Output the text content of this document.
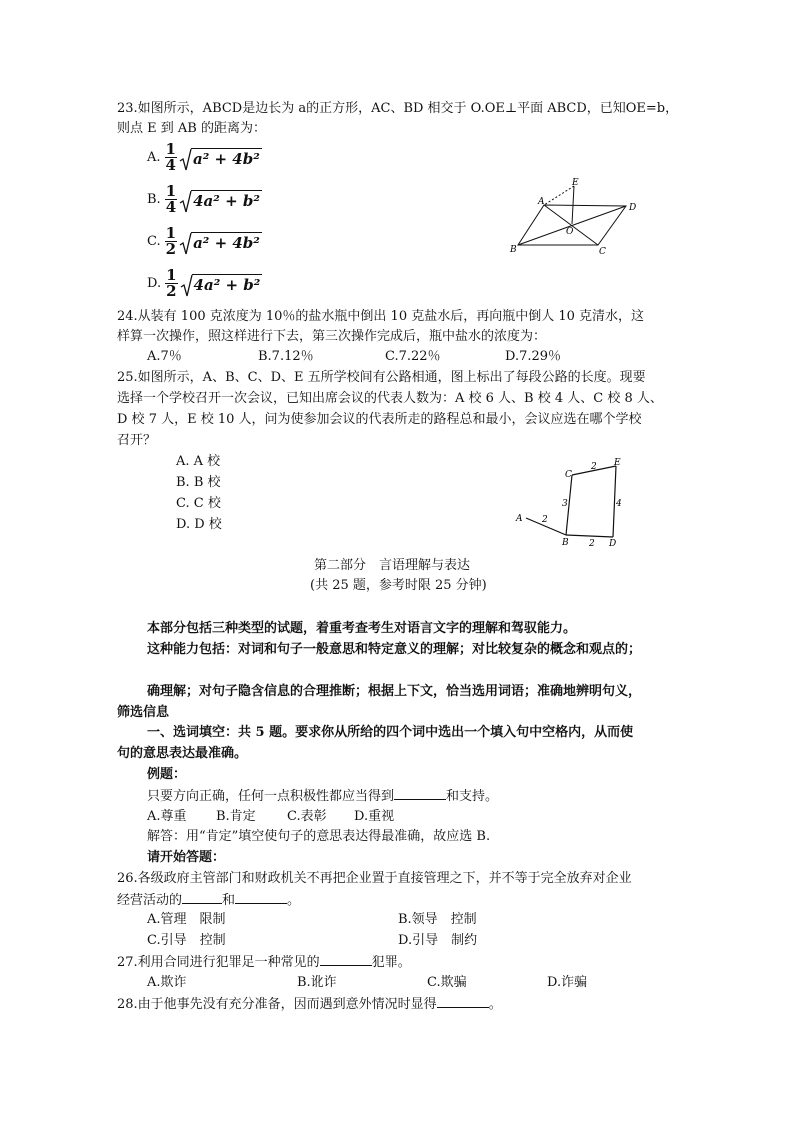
23.如图所示，ABCD是边长为 a的正方形，AC、BD 相交于 O.OE⊥平面 ABCD，已知OE=b，
则点 E 到 AB 的距离为：
A. $\frac{1}{4} a^2 + 4b^2$
B. $\frac{1}{4} 4a^2 + b^2$
C. $\frac{1}{2} a^2 + 4b^2$
D. $\frac{1}{2} 4a^2 + b^2$
A
B	C
D
E
O
24.从装有 100 克浓度为 10％的盐水瓶中倒出 10 克盐水后，再向瓶中倒人 10 克清水，这
样算一次操作，照这样进行下去，第三次操作完成后，瓶中盐水的浓度为：
A.7％	B.7.12％	C.7.22％	D.7.29％
25.如图所示，A、B、C、D、E 五所学校间有公路相通，图上标出了每段公路的长度。现要
选择一个学校召开一次会议，已知出席会议的代表人数为：A 校 6 人、B 校 4 人、C 校 8 人、
D 校 7 人，E 校 10 人，问为使参加会议的代表所走的路程总和最小，会议应选在哪个学校
召开？
A. A 校
B. B 校
C. C 校
D. D 校	A
B
C
D
E
2
2
3	4
2
第二部分　言语理解与表达
(共 25 题，参考时限 25 分钟)
本部分包括三种类型的试题，着重考查考生对语言文字的理解和驾驭能力。
这种能力包括：对词和句子一般意思和特定意义的理解；对比较复杂的概念和观点的；
确理解；对句子隐含信息的合理推断；根据上下文，恰当选用词语；准确地辨明句义，
筛选信息
一、选词填空：共 5 题。要求你从所给的四个词中选出一个填入句中空格内，从而使
句的意思表达最准确。
例题：
只要方向正确，任何一点积极性都应当得到	和支持。
A.尊重 B.肯定 C.表彰 D.重视
解答：用“肯定”填空使句子的意思表达得最准确，故应选 B.
请开始答题：
26.各级政府主管部门和财政机关不再把企业置于直接管理之下，并不等于完全放弃对企业
经营活动的	和	。
A.管理　限制	B.领导　控制
C.引导　控制	D.引导　制约
27.利用合同进行犯罪足一种常见的	犯罪。
A.欺诈	B.讹诈	C.欺骗	D.诈骗
28.由于他事先没有充分准备，因而遇到意外情况时显得	。
